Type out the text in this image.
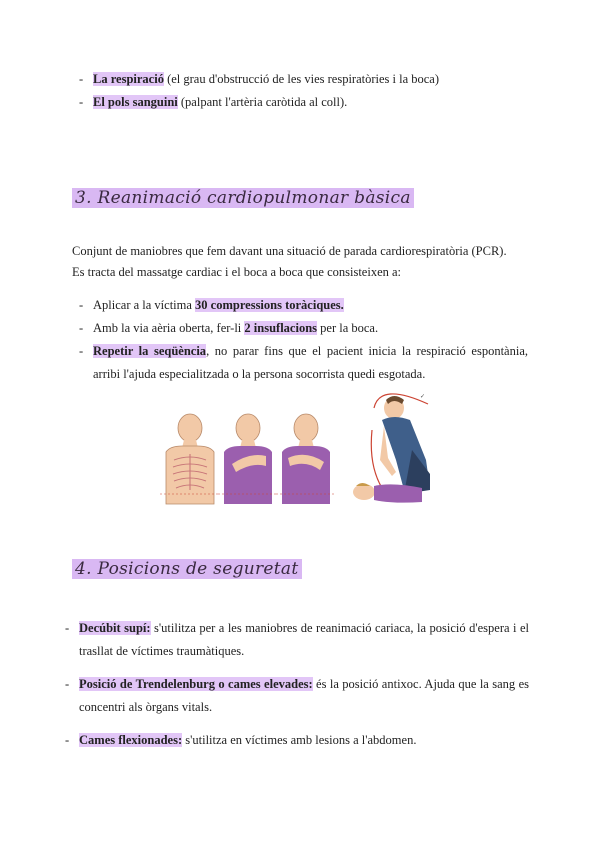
- La respiració (el grau d'obstrucció de les vies respiratòries i la boca)
- El pols sanguini (palpant l'artèria caròtida al coll).
3. Reanimació cardiopulmonar bàsica

Conjunt de maniobres que fem davant una situació de parada cardiorespiratòria (PCR).

Es tracta del massatge cardiac i el boca a boca que consisteixen a:

- Aplicar a la víctima 30 compressions toràciques.
- Amb la via aèria oberta, fer-li 2 insuflacions per la boca.
- Repetir la seqüència, no parar fins que el pacient inicia la respiració espontània, arribi l'ajuda especialitzada o la persona socorrista quedi esgotada.
✓
4. Posicions de seguretat
- Decúbit supí: s'utilitza per a les maniobres de reanimació cariaca, la posició d'espera i el trasllat de víctimes traumàtiques.
- Posició de Trendelenburg o cames elevades: és la posició antixoc. Ajuda que la sang es concentri als òrgans vitals.
- Cames flexionades: s'utilitza en víctimes amb lesions a l'abdomen.
